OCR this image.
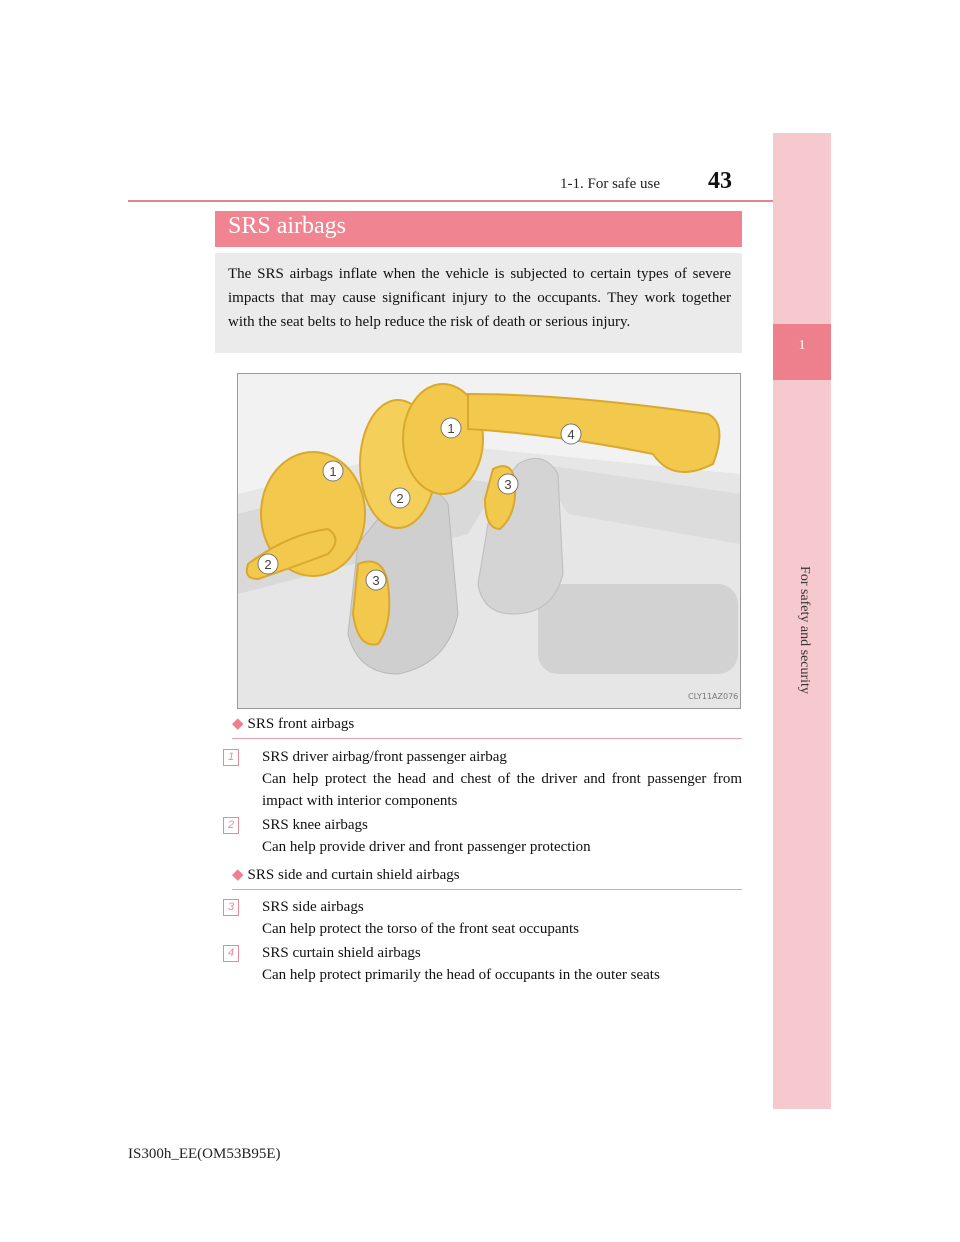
1-1. For safe use	43
1
For safety and security
SRS airbags
The SRS airbags inflate when the vehicle is subjected to certain types of severe impacts that may cause significant injury to the occupants. They work together with the seat belts to help reduce the risk of death or serious injury.
1
1
2
2
3
3
4
CLY11AZ076
◆ SRS front airbags
1	SRS driver airbag/front passenger airbag
Can help protect the head and chest of the driver and front passenger from impact with interior components
2	SRS knee airbags
Can help provide driver and front passenger protection
◆ SRS side and curtain shield airbags
3	SRS side airbags
Can help protect the torso of the front seat occupants
4	SRS curtain shield airbags
Can help protect primarily the head of occupants in the outer seats
IS300h_EE(OM53B95E)
